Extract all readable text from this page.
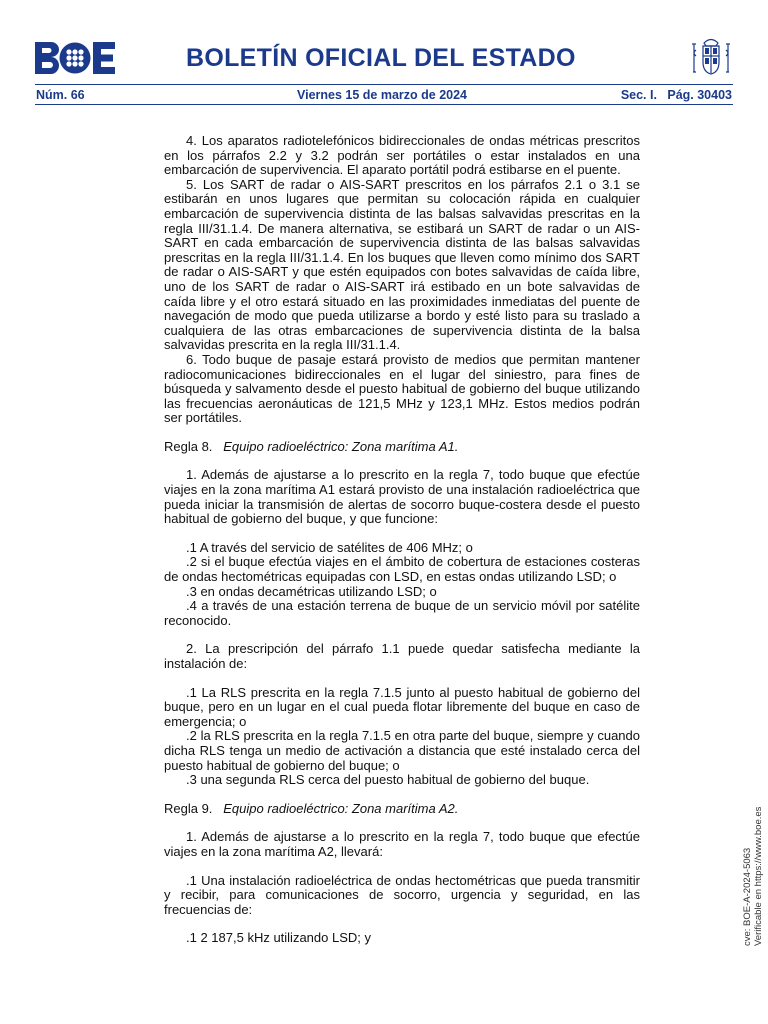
BOLETÍN OFICIAL DEL ESTADO
Núm. 66	Viernes 15 de marzo de 2024	Sec. I.   Pág. 30403

4. Los aparatos radiotelefónicos bidireccionales de ondas métricas prescritos en los párrafos 2.2 y 3.2 podrán ser portátiles o estar instalados en una embarcación de supervivencia. El aparato portátil podrá estibarse en el puente.

5. Los SART de radar o AIS-SART prescritos en los párrafos 2.1 o 3.1 se estibarán en unos lugares que permitan su colocación rápida en cualquier embarcación de supervivencia distinta de las balsas salvavidas prescritas en la regla III/31.1.4. De manera alternativa, se estibará un SART de radar o un AIS-SART en cada embarcación de supervivencia distinta de las balsas salvavidas prescritas en la regla III/31.1.4. En los buques que lleven como mínimo dos SART de radar o AIS-SART y que estén equipados con botes salvavidas de caída libre, uno de los SART de radar o AIS-SART irá estibado en un bote salvavidas de caída libre y el otro estará situado en las proximidades inmediatas del puente de navegación de modo que pueda utilizarse a bordo y esté listo para su traslado a cualquiera de las otras embarcaciones de supervivencia distinta de la balsa salvavidas prescrita en la regla III/31.1.4.

6. Todo buque de pasaje estará provisto de medios que permitan mantener radiocomunicaciones bidireccionales en el lugar del siniestro, para fines de búsqueda y salvamento desde el puesto habitual de gobierno del buque utilizando las frecuencias aeronáuticas de 121,5 MHz y 123,1 MHz. Estos medios podrán ser portátiles.

Regla 8. Equipo radioeléctrico: Zona marítima A1.

1. Además de ajustarse a lo prescrito en la regla 7, todo buque que efectúe viajes en la zona marítima A1 estará provisto de una instalación radioeléctrica que pueda iniciar la transmisión de alertas de socorro buque-costera desde el puesto habitual de gobierno del buque, y que funcione:

.1 A través del servicio de satélites de 406 MHz; o

.2 si el buque efectúa viajes en el ámbito de cobertura de estaciones costeras de ondas hectométricas equipadas con LSD, en estas ondas utilizando LSD; o

.3 en ondas decamétricas utilizando LSD; o

.4 a través de una estación terrena de buque de un servicio móvil por satélite reconocido.

2. La prescripción del párrafo 1.1 puede quedar satisfecha mediante la instalación de:

.1 La RLS prescrita en la regla 7.1.5 junto al puesto habitual de gobierno del buque, pero en un lugar en el cual pueda flotar libremente del buque en caso de emergencia; o

.2 la RLS prescrita en la regla 7.1.5 en otra parte del buque, siempre y cuando dicha RLS tenga un medio de activación a distancia que esté instalado cerca del puesto habitual de gobierno del buque; o

.3 una segunda RLS cerca del puesto habitual de gobierno del buque.

Regla 9. Equipo radioeléctrico: Zona marítima A2.

1. Además de ajustarse a lo prescrito en la regla 7, todo buque que efectúe viajes en la zona marítima A2, llevará:

.1 Una instalación radioeléctrica de ondas hectométricas que pueda transmitir y recibir, para comunicaciones de socorro, urgencia y seguridad, en las frecuencias de:

.1 2 187,5 kHz utilizando LSD; y	cve: BOE-A-2024-5063 Verificable en https://www.boe.es
